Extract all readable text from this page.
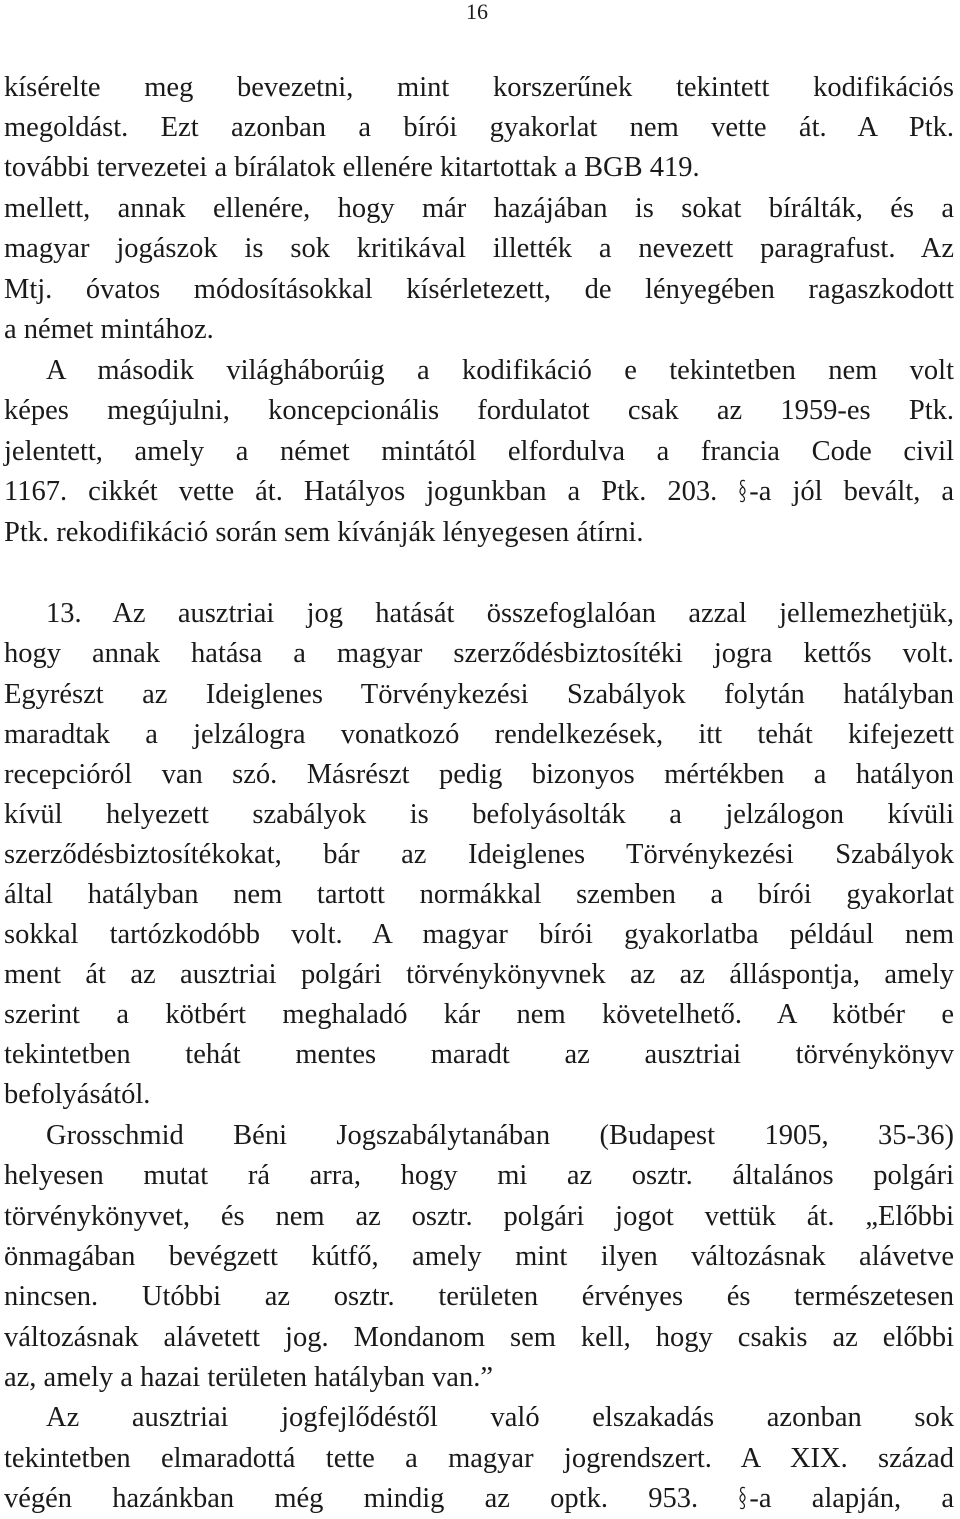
16
kísérelte meg bevezetni, mint korszerűnek tekintett kodifikációs
megoldást. Ezt azonban a bírói gyakorlat nem vette át. A Ptk.
további tervezetei a bírálatok ellenére kitartottak a BGB 419.
mellett, annak ellenére, hogy már hazájában is sokat bírálták, és a
magyar jogászok is sok kritikával illették a nevezett paragrafust. Az
Mtj. óvatos módosításokkal kísérletezett, de lényegében ragaszkodott
a német mintához.
A második világháborúig a kodifikáció e tekintetben nem volt
képes megújulni, koncepcionális fordulatot csak az 1959-es Ptk.
jelentett, amely a német mintától elfordulva a francia Code civil
1167. cikkét vette át. Hatályos jogunkban a Ptk. 203. -a jól bevált, a
Ptk. rekodifikáció során sem kívánják lényegesen átírni.
13. Az ausztriai jog hatását összefoglalóan azzal jellemezhetjük,
hogy annak hatása a magyar szerződésbiztosítéki jogra kettős volt.
Egyrészt az Ideiglenes Törvénykezési Szabályok folytán hatályban
maradtak a jelzálogra vonatkozó rendelkezések, itt tehát kifejezett
recepcióról van szó. Másrészt pedig bizonyos mértékben a hatályon
kívül helyezett szabályok is befolyásolták a jelzálogon kívüli
szerződésbiztosítékokat, bár az Ideiglenes Törvénykezési Szabályok
által hatályban nem tartott normákkal szemben a bírói gyakorlat
sokkal tartózkodóbb volt. A magyar bírói gyakorlatba például nem
ment át az ausztriai polgári törvénykönyvnek az az álláspontja, amely
szerint a kötbért meghaladó kár nem követelhető. A kötbér e
tekintetben tehát mentes maradt az ausztriai törvénykönyv
befolyásától.
Grosschmid Béni Jogszabálytanában (Budapest 1905, 35-36)
helyesen mutat rá arra, hogy mi az osztr. általános polgári
törvénykönyvet, és nem az osztr. polgári jogot vettük át. „Előbbi
önmagában bevégzett kútfő, amely mint ilyen változásnak alávetve
nincsen. Utóbbi az osztr. területen érvényes és természetesen
változásnak alávetett jog. Mondanom sem kell, hogy csakis az előbbi
az, amely a hazai területen hatályban van.”
Az ausztriai jogfejlődéstől való elszakadás azonban sok
tekintetben elmaradottá tette a magyar jogrendszert. A XIX. század
végén hazánkban még mindig az optk. 953. -a alapján, a
